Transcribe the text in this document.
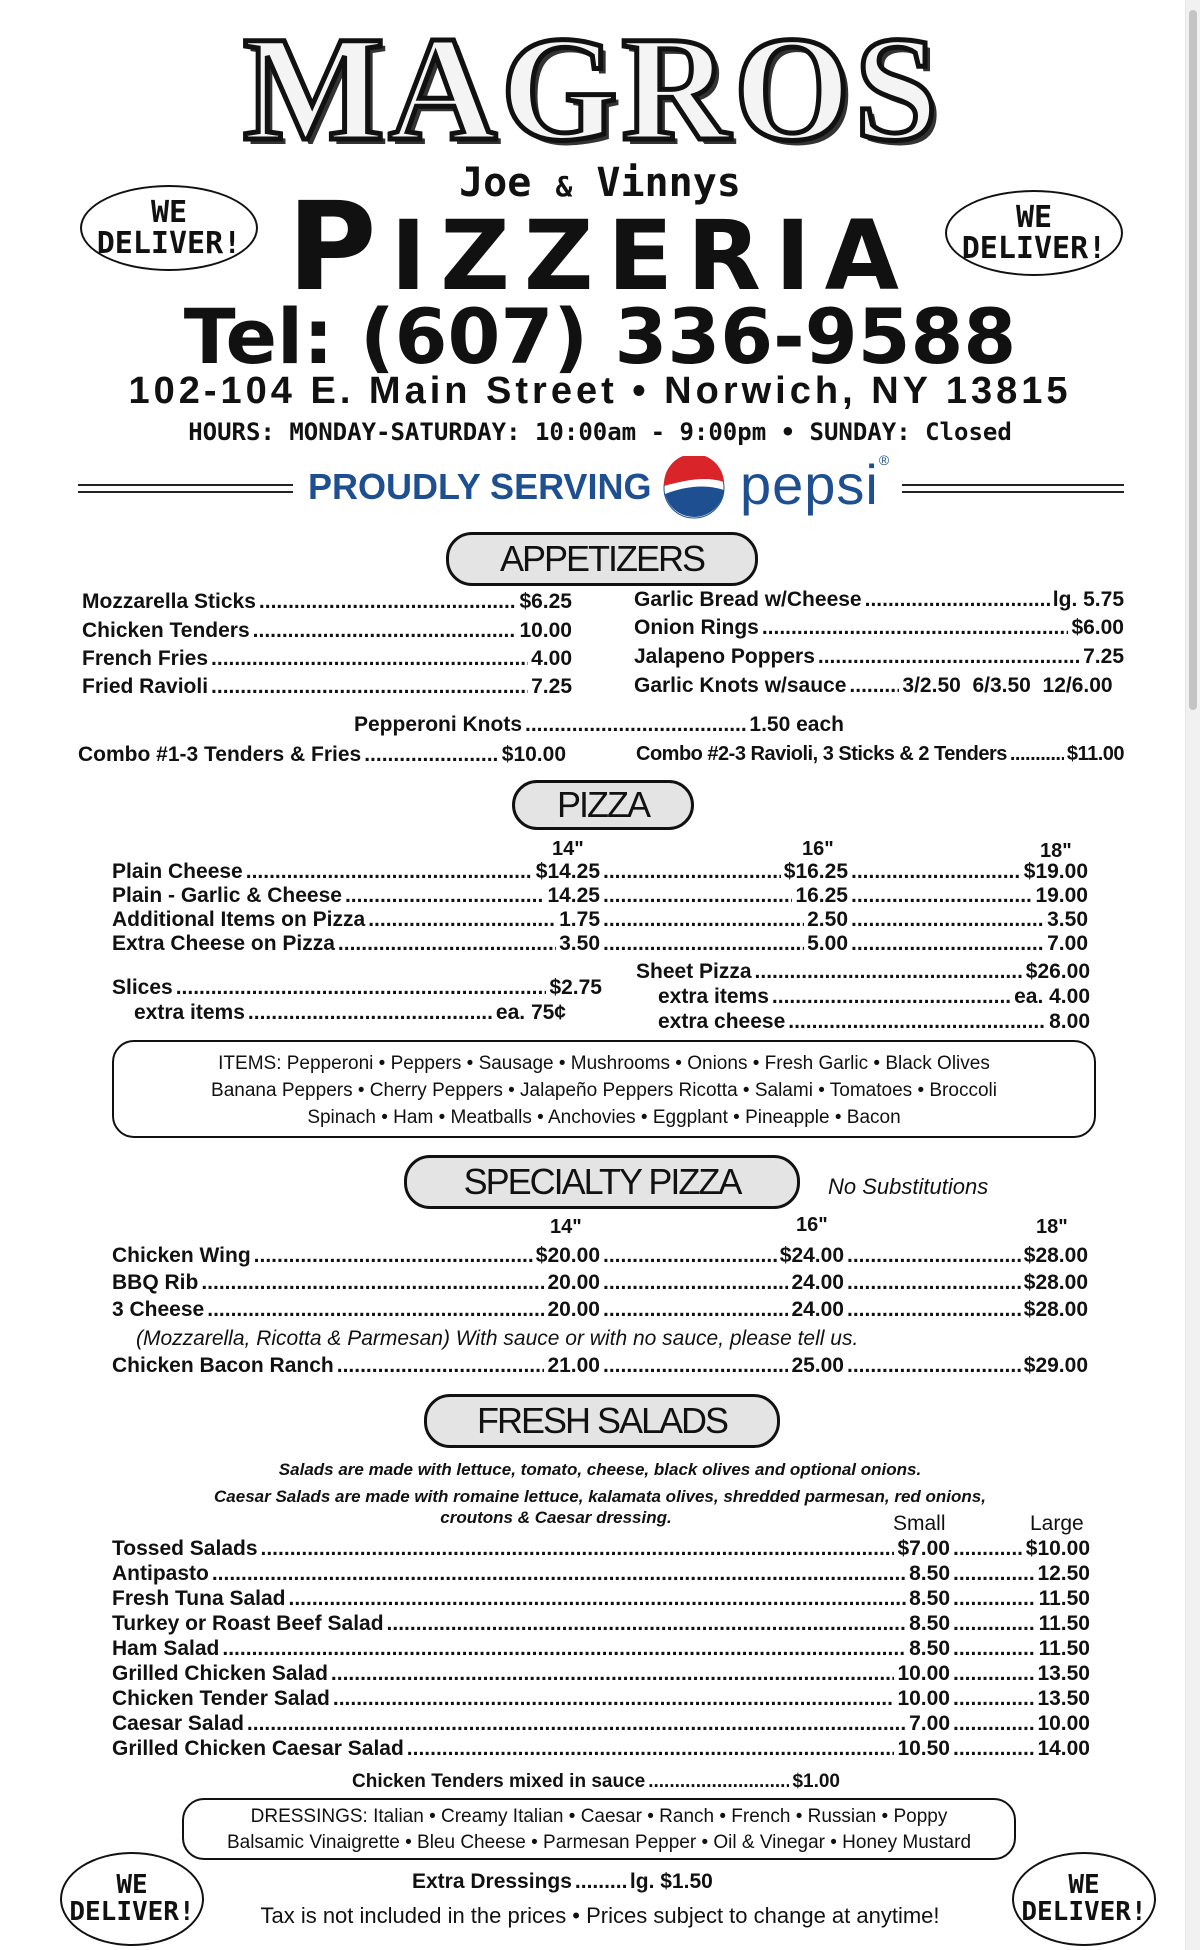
MAGROS
Joe & Vinnys
PIZZERIA
Tel: (607) 336-9588
102-104 E. Main Street • Norwich, NY 13815
HOURS: MONDAY-SATURDAY: 10:00am - 9:00pm • SUNDAY: Closed
WE
DELIVER!
WE
DELIVER!
PROUDLY SERVING pepsi®
APPETIZERS
Mozzarella Sticks .....	$6.25
Chicken Tenders .....	10.00
French Fries .....	4.00
Fried Ravioli .....	7.25
Garlic Bread w/Cheese .....	lg. 5.75
Onion Rings .....	$6.00
Jalapeno Poppers .....	7.25
Garlic Knots w/sauce .....	3/2.50  6/3.50  12/6.00
Pepperoni Knots .....	1.50 each
Combo #1-3 Tenders & Fries .....	$10.00	Combo #2-3 Ravioli, 3 Sticks & 2 Tenders .....	$11.00
PIZZA
14"	16"	18"
Plain Cheese .....	$14.25 .....	$16.25 .....	$19.00
Plain - Garlic & Cheese .....	14.25 .....	16.25 .....	19.00
Additional Items on Pizza .....	1.75 .....	2.50 .....	3.50
Extra Cheese on Pizza .....	3.50 .....	5.00 .....	7.00
Slices .....	$2.75
extra items .....	ea. 75¢
Sheet Pizza .....	$26.00
extra items .....	ea. 4.00
extra cheese .....	8.00
ITEMS: Pepperoni • Peppers • Sausage • Mushrooms • Onions • Fresh Garlic • Black Olives
Banana Peppers • Cherry Peppers • Jalapeño Peppers Ricotta • Salami • Tomatoes • Broccoli
Spinach • Ham • Meatballs • Anchovies • Eggplant • Pineapple • Bacon
SPECIALTY PIZZA	No Substitutions
14"	16"	18"
Chicken Wing .....	$20.00 .....	$24.00 .....	$28.00
BBQ Rib .....	20.00 .....	24.00 .....	$28.00
3 Cheese .....	20.00 .....	24.00 .....	$28.00
(Mozzarella, Ricotta & Parmesan) With sauce or with no sauce, please tell us.
Chicken Bacon Ranch .....	21.00 .....	25.00 .....	$29.00
FRESH SALADS
Salads are made with lettuce, tomato, cheese, black olives and optional onions.
Caesar Salads are made with romaine lettuce, kalamata olives, shredded parmesan, red onions,
croutons & Caesar dressing.	Small	Large
Tossed Salads .....	$7.00 .....	$10.00
Antipasto .....	8.50 .....	12.50
Fresh Tuna Salad .....	8.50 .....	11.50
Turkey or Roast Beef Salad .....	8.50 .....	11.50
Ham Salad .....	8.50 .....	11.50
Grilled Chicken Salad .....	10.00 .....	13.50
Chicken Tender Salad .....	10.00 .....	13.50
Caesar Salad .....	7.00 .....	10.00
Grilled Chicken Caesar Salad .....	10.50 .....	14.00
Chicken Tenders mixed in sauce .....	$1.00
DRESSINGS: Italian • Creamy Italian • Caesar • Ranch • French • Russian • Poppy
Balsamic Vinaigrette • Bleu Cheese • Parmesan Pepper • Oil & Vinegar • Honey Mustard
Extra Dressings .....	lg. $1.50
Tax is not included in the prices • Prices subject to change at anytime!
WE
DELIVER!
WE
DELIVER!
